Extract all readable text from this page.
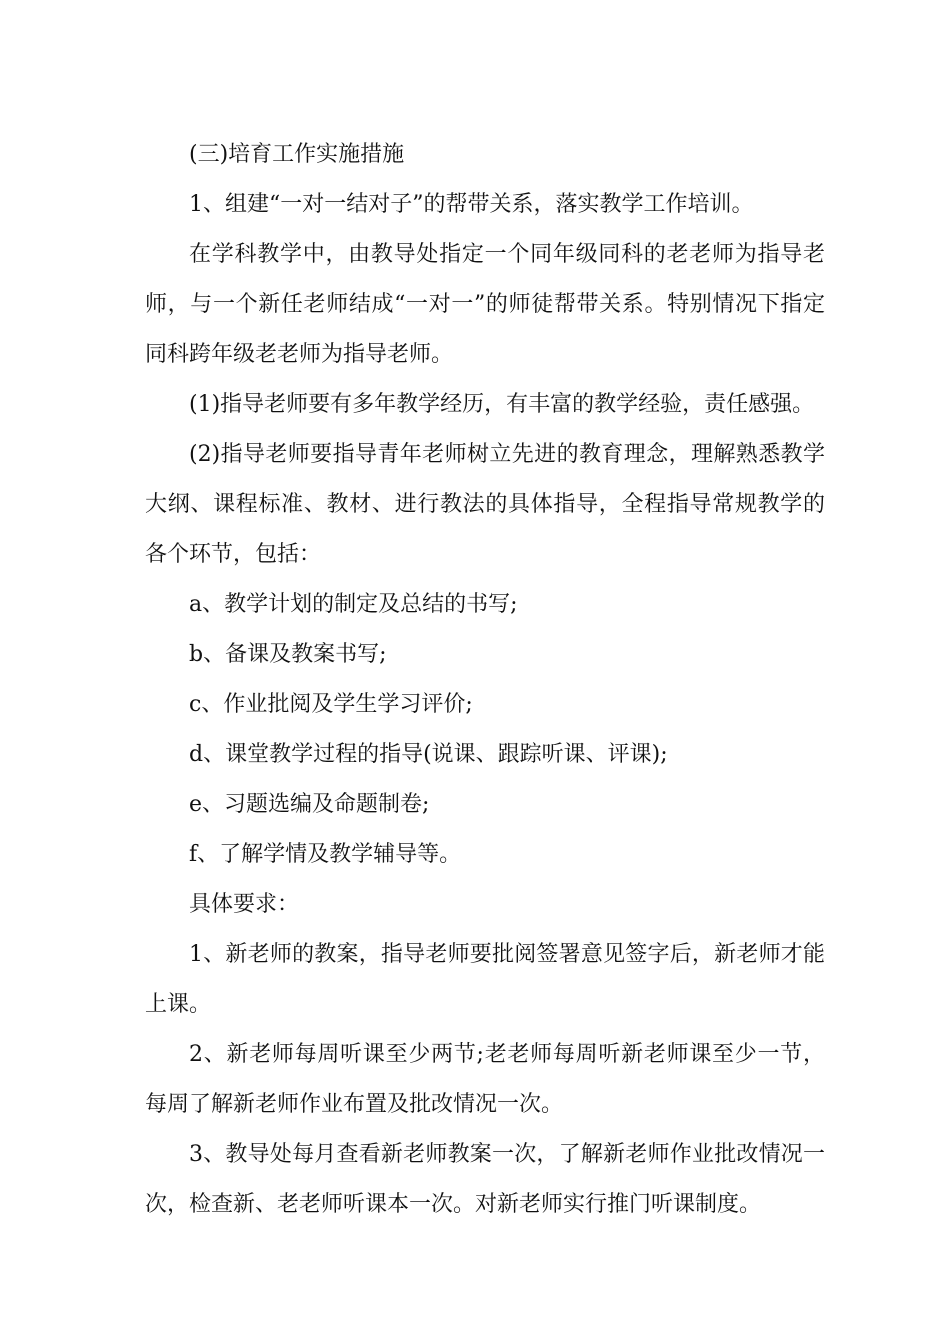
(三)培育工作实施措施

1、组建“一对一结对子”的帮带关系，落实教学工作培训。

在学科教学中，由教导处指定一个同年级同科的老老师为指导老师，与一个新任老师结成“一对一”的师徒帮带关系。特别情况下指定同科跨年级老老师为指导老师。

(1)指导老师要有多年教学经历，有丰富的教学经验，责任感强。

(2)指导老师要指导青年老师树立先进的教育理念，理解熟悉教学大纲、课程标准、教材、进行教法的具体指导，全程指导常规教学的各个环节，包括：

a、教学计划的制定及总结的书写;

b、备课及教案书写;

c、作业批阅及学生学习评价;

d、课堂教学过程的指导(说课、跟踪听课、评课);

e、习题选编及命题制卷;

f、了解学情及教学辅导等。

具体要求：

1、新老师的教案，指导老师要批阅签署意见签字后，新老师才能上课。

2、新老师每周听课至少两节;老老师每周听新老师课至少一节，每周了解新老师作业布置及批改情况一次。

3、教导处每月查看新老师教案一次，了解新老师作业批改情况一次，检查新、老老师听课本一次。对新老师实行推门听课制度。
